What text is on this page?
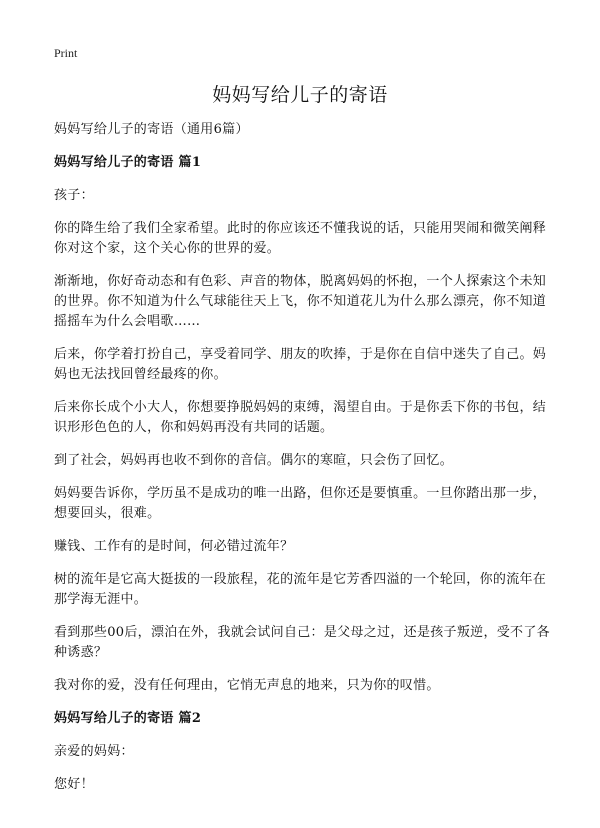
Print
妈妈写给儿子的寄语

妈妈写给儿子的寄语（通用6篇）

妈妈写给儿子的寄语 篇1

孩子：

你的降生给了我们全家希望。此时的你应该还不懂我说的话，只能用哭闹和微笑阐释你对这个家，这个关心你的世界的爱。

渐渐地，你好奇动态和有色彩、声音的物体，脱离妈妈的怀抱，一个人探索这个未知的世界。你不知道为什么气球能往天上飞，你不知道花儿为什么那么漂亮，你不知道摇摇车为什么会唱歌……

后来，你学着打扮自己，享受着同学、朋友的吹捧，于是你在自信中迷失了自己。妈妈也无法找回曾经最疼的你。

后来你长成个小大人，你想要挣脱妈妈的束缚，渴望自由。于是你丢下你的书包，结识形形色色的人，你和妈妈再没有共同的话题。

到了社会，妈妈再也收不到你的音信。偶尔的寒暄，只会伤了回忆。

妈妈要告诉你，学历虽不是成功的唯一出路，但你还是要慎重。一旦你踏出那一步，想要回头，很难。

赚钱、工作有的是时间，何必错过流年？

树的流年是它高大挺拔的一段旅程，花的流年是它芳香四溢的一个轮回，你的流年在那学海无涯中。

看到那些00后，漂泊在外，我就会试问自己：是父母之过，还是孩子叛逆，受不了各种诱惑？

我对你的爱，没有任何理由，它悄无声息的地来，只为你的叹惜。

妈妈写给儿子的寄语 篇2

亲爱的妈妈：

您好！
